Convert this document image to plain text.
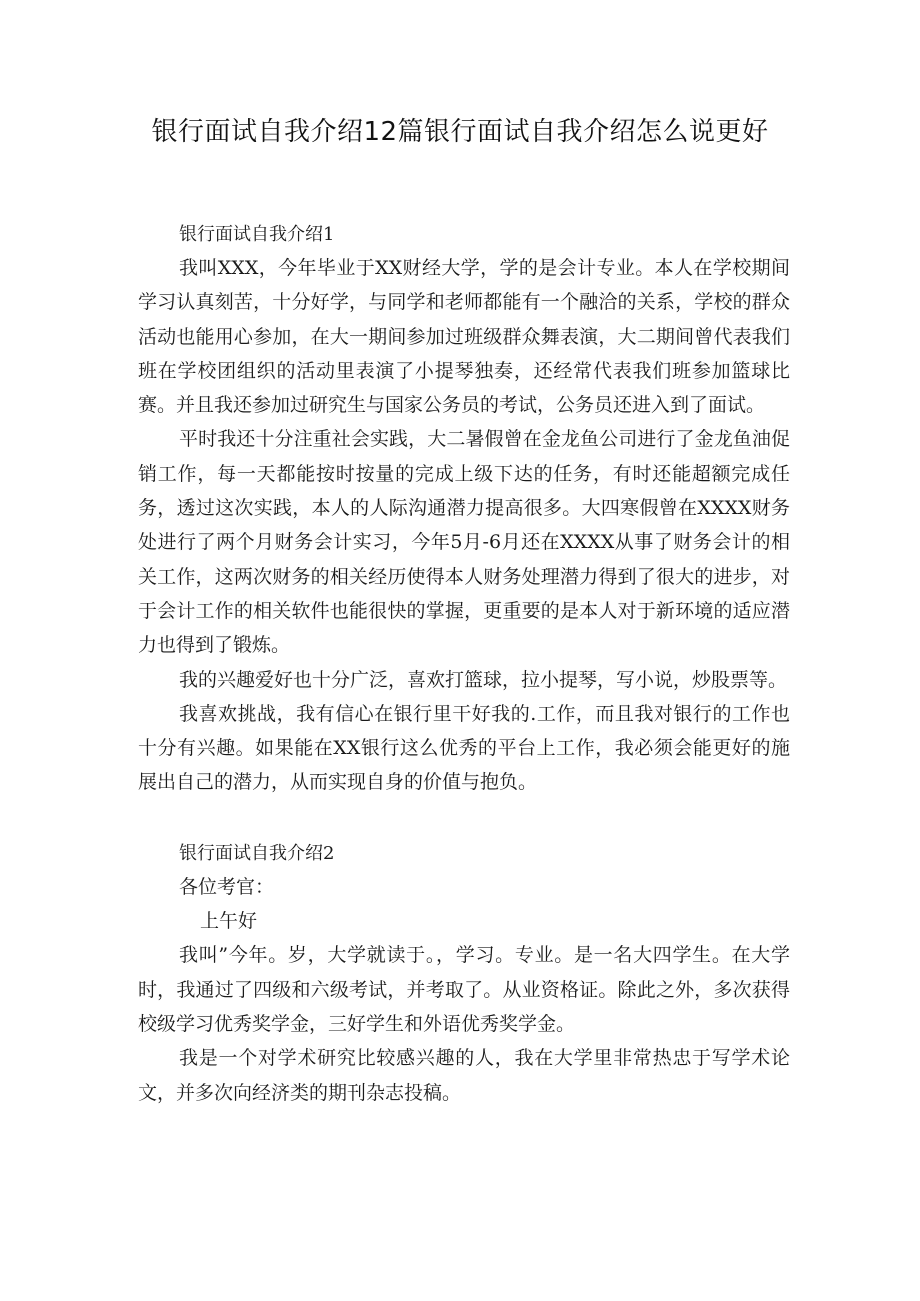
银行面试自我介绍12篇银行面试自我介绍怎么说更好

银行面试自我介绍1

我叫XXX，今年毕业于XX财经大学，学的是会计专业。本人在学校期间学习认真刻苦，十分好学，与同学和老师都能有一个融洽的关系，学校的群众活动也能用心参加，在大一期间参加过班级群众舞表演，大二期间曾代表我们班在学校团组织的活动里表演了小提琴独奏，还经常代表我们班参加篮球比赛。并且我还参加过研究生与国家公务员的考试，公务员还进入到了面试。

平时我还十分注重社会实践，大二暑假曾在金龙鱼公司进行了金龙鱼油促销工作，每一天都能按时按量的完成上级下达的任务，有时还能超额完成任务，透过这次实践，本人的人际沟通潜力提高很多。大四寒假曾在XXXX财务处进行了两个月财务会计实习，今年5月-6月还在XXXX从事了财务会计的相关工作，这两次财务的相关经历使得本人财务处理潜力得到了很大的进步，对于会计工作的相关软件也能很快的掌握，更重要的是本人对于新环境的适应潜力也得到了锻炼。

我的兴趣爱好也十分广泛，喜欢打篮球，拉小提琴，写小说，炒股票等。

我喜欢挑战，我有信心在银行里干好我的.工作，而且我对银行的工作也十分有兴趣。如果能在XX银行这么优秀的平台上工作，我必须会能更好的施展出自己的潜力，从而实现自身的价值与抱负。

银行面试自我介绍2

各位考官：

上午好

我叫”今年。岁，大学就读于。，学习。专业。是一名大四学生。在大学时，我通过了四级和六级考试，并考取了。从业资格证。除此之外，多次获得校级学习优秀奖学金，三好学生和外语优秀奖学金。

我是一个对学术研究比较感兴趣的人，我在大学里非常热忠于写学术论文，并多次向经济类的期刊杂志投稿。
